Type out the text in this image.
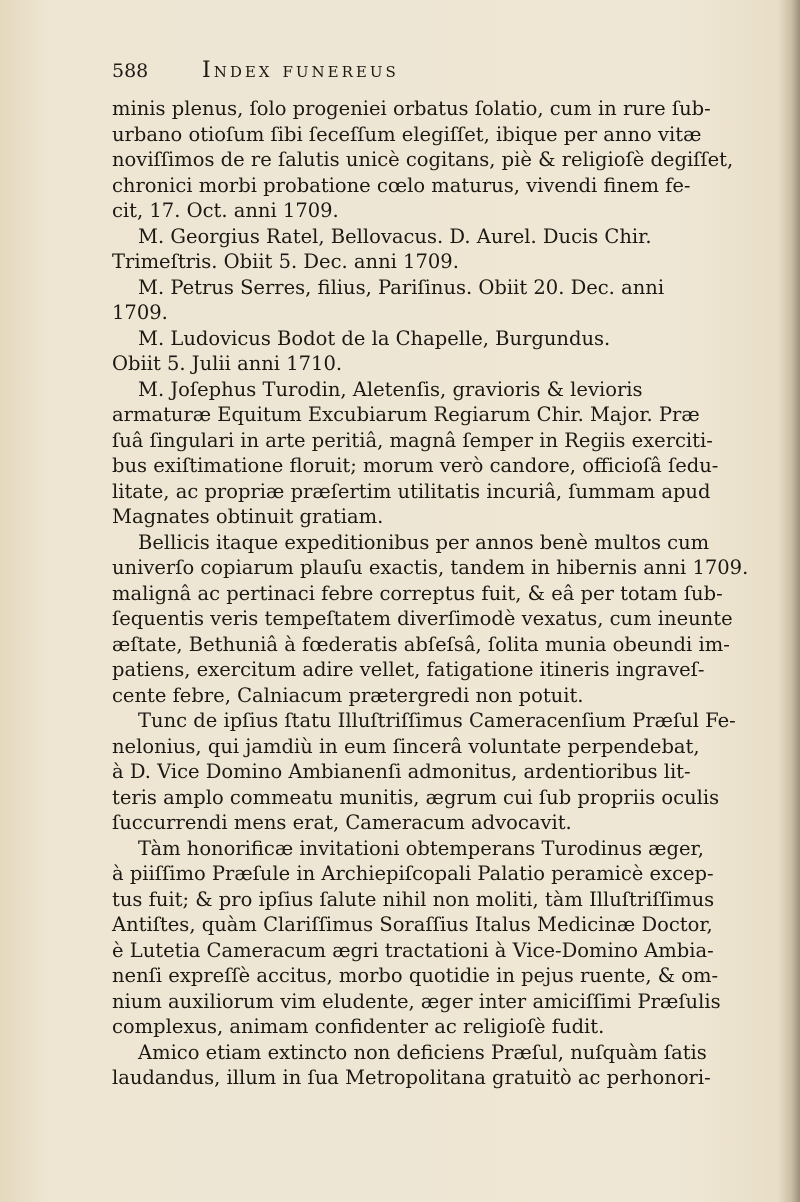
588	Index funereus
minis plenus, ſolo progeniei orbatus ſolatio, cum in rure ſub-
urbano otioſum ſibi ſeceſſum elegiſſet, ibique per anno vitæ
noviſſimos de re ſalutis unicè cogitans, piè & religioſè degiſſet,
chronici morbi probatione cœlo maturus, vivendi finem fe-
cit, 17. Oct. anni 1709.
M. Georgius Ratel, Bellovacus. D. Aurel. Ducis Chir.
Trimeſtris. Obiit 5. Dec. anni 1709.
M. Petrus Serres, filius, Pariſinus. Obiit 20. Dec. anni
1709.
M. Ludovicus Bodot de la Chapelle, Burgundus.
Obiit 5. Julii anni 1710.
M. Joſephus Turodin, Aletenſis, gravioris & levioris
armaturæ Equitum Excubiarum Regiarum Chir. Major. Præ
ſuâ ſingulari in arte peritiâ, magnâ ſemper in Regiis exerciti-
bus exiſtimatione floruit; morum verò candore, officioſâ ſedu-
litate, ac propriæ præſertim utilitatis incuriâ, ſummam apud
Magnates obtinuit gratiam.
Bellicis itaque expeditionibus per annos benè multos cum
univerſo copiarum plauſu exactis, tandem in hibernis anni 1709.
malignâ ac pertinaci febre correptus fuit, & eâ per totam ſub-
ſequentis veris tempeſtatem diverſimodè vexatus, cum ineunte
æſtate, Bethuniâ à fœderatis abſeſsâ, ſolita munia obeundi im-
patiens, exercitum adire vellet, fatigatione itineris ingraveſ-
cente febre, Calniacum prætergredi non potuit.
Tunc de ipſius ſtatu Illuſtriſſimus Cameracenſium Præſul Fe-
nelonius, qui jamdiù in eum ſincerâ voluntate perpendebat,
à D. Vice Domino Ambianenſi admonitus, ardentioribus lit-
teris amplo commeatu munitis, ægrum cui ſub propriis oculis
ſuccurrendi mens erat, Cameracum advocavit.
Tàm honorificæ invitationi obtemperans Turodinus æger,
à piiſſimo Præſule in Archiepiſcopali Palatio peramicè excep-
tus fuit; & pro ipſius ſalute nihil non moliti, tàm Illuſtriſſimus
Antiſtes, quàm Clariſſimus Soraſſius Italus Medicinæ Doctor,
è Lutetia Cameracum ægri tractationi à Vice-Domino Ambia-
nenſi expreſſè accitus, morbo quotidie in pejus ruente, & om-
nium auxiliorum vim eludente, æger inter amiciſſimi Præſulis
complexus, animam confidenter ac religioſè fudit.
Amico etiam extincto non deficiens Præſul, nuſquàm ſatis
laudandus, illum in ſua Metropolitana gratuitò ac perhonori-
